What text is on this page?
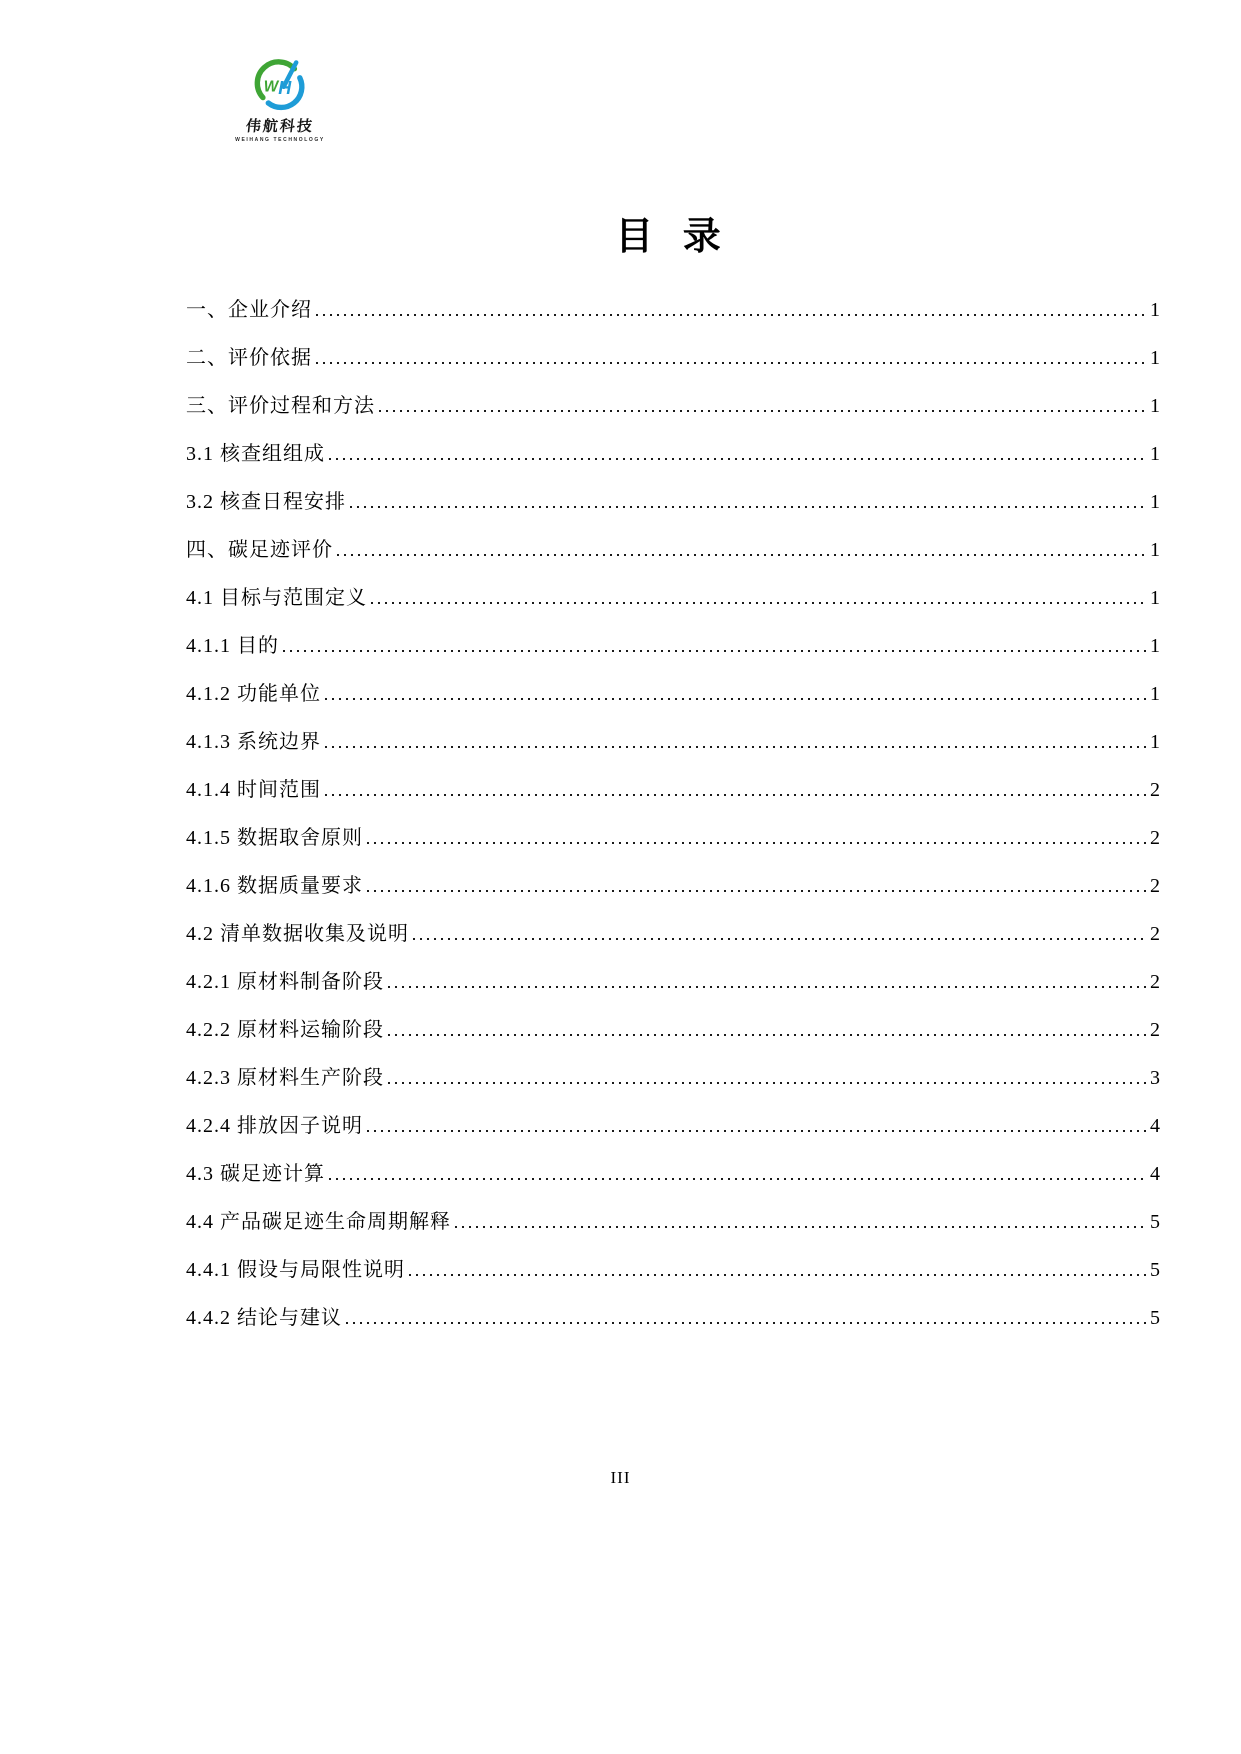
W H
伟航科技
WEIHANG TECHNOLOGY
目 录
一、企业介绍	1
二、评价依据	1
三、评价过程和方法	1
3.1 核查组组成	1
3.2 核查日程安排	1
四、碳足迹评价	1
4.1 目标与范围定义	1
4.1.1 目的	1
4.1.2 功能单位	1
4.1.3 系统边界	1
4.1.4 时间范围	2
4.1.5 数据取舍原则	2
4.1.6 数据质量要求	2
4.2 清单数据收集及说明	2
4.2.1 原材料制备阶段	2
4.2.2 原材料运输阶段	2
4.2.3 原材料生产阶段	3
4.2.4 排放因子说明	4
4.3 碳足迹计算	4
4.4 产品碳足迹生命周期解释	5
4.4.1 假设与局限性说明	5
4.4.2 结论与建议	5
III
